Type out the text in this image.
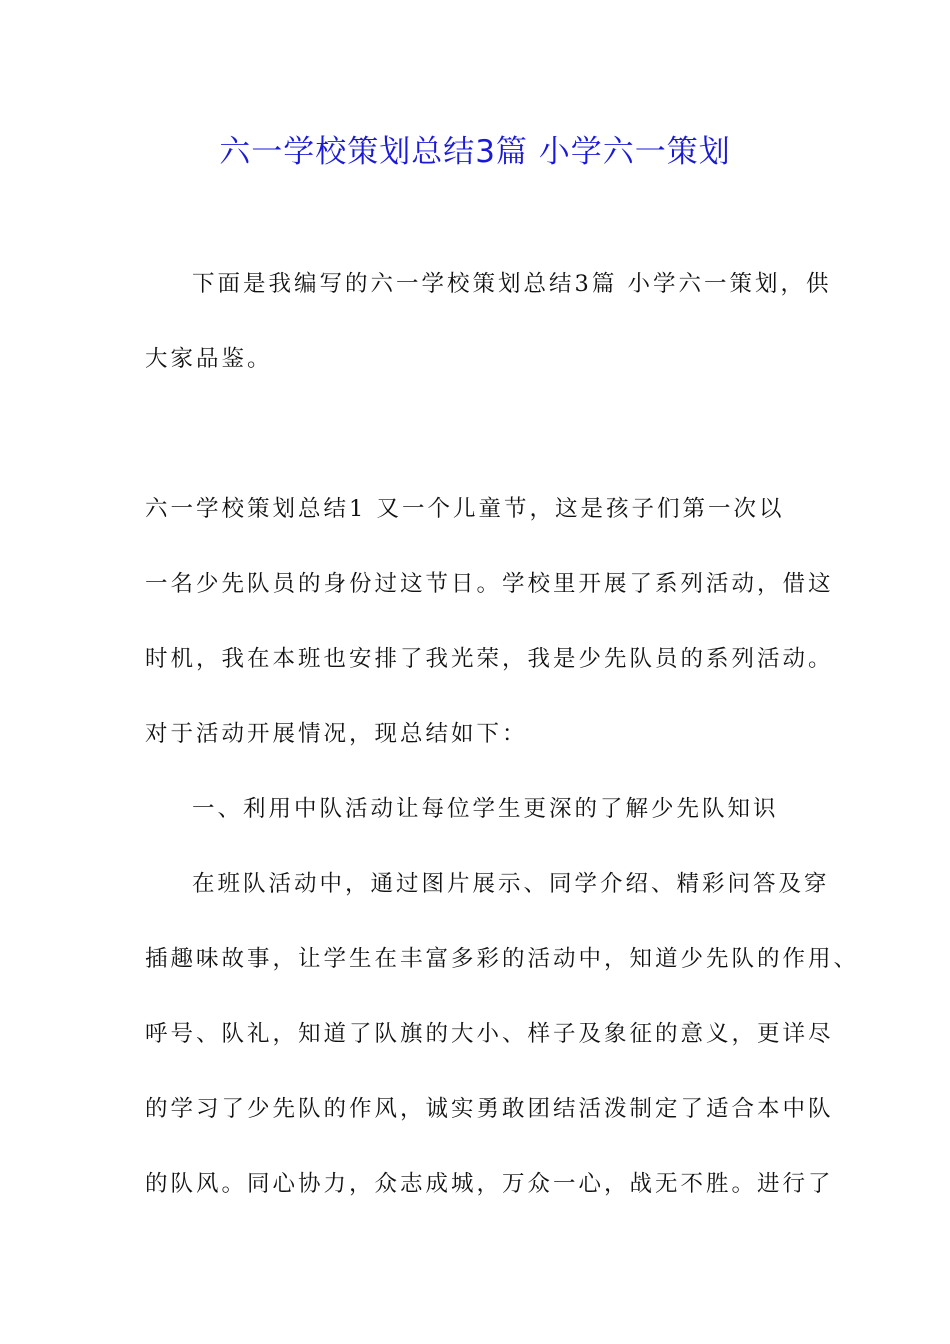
六一学校策划总结3篇 小学六一策划
下面是我编写的六一学校策划总结3篇 小学六一策划，供
大家品鉴。
六一学校策划总结1 又一个儿童节，这是孩子们第一次以
一名少先队员的身份过这节日。学校里开展了系列活动，借这
时机，我在本班也安排了我光荣，我是少先队员的系列活动。
对于活动开展情况，现总结如下：
一、利用中队活动让每位学生更深的了解少先队知识
在班队活动中，通过图片展示、同学介绍、精彩问答及穿
插趣味故事，让学生在丰富多彩的活动中，知道少先队的作用、
呼号、队礼，知道了队旗的大小、样子及象征的意义，更详尽
的学习了少先队的作风，诚实勇敢团结活泼制定了适合本中队
的队风。同心协力，众志成城，万众一心，战无不胜。进行了
